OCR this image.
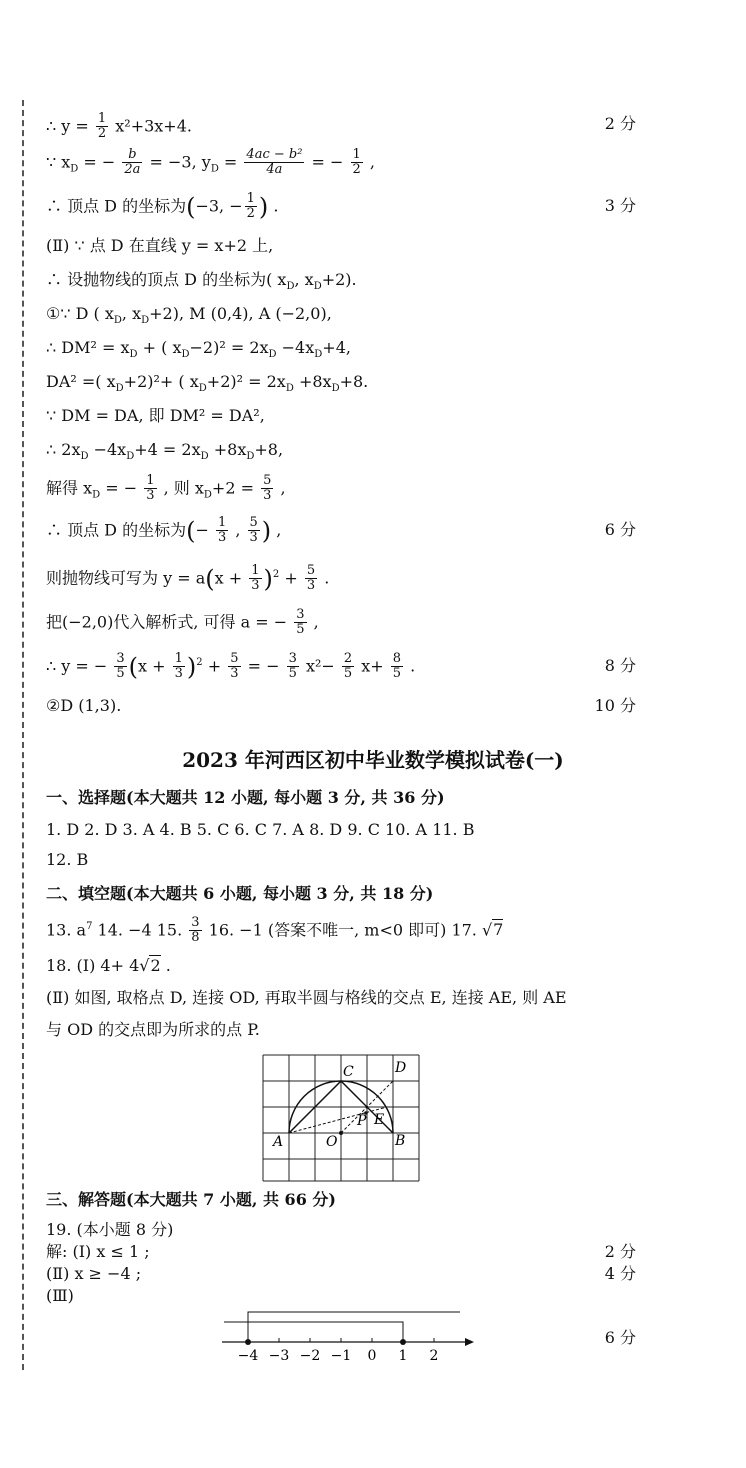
∴ $y = \frac{1}{2} x^2+3x+4$.	2 分
∵ $x_D$ = − $\frac{b}{2a} = -3$, $y_D = \frac{\text{4ac − b²}}{4a}$ = − $\frac{1}{2}$ ,
∴ 顶点 D 的坐标为(−3, − $\frac{1}{2}$ ) .	3 分
(Ⅱ) ∵ 点 D 在直线 y = x+2 上,
∴ 设抛物线的顶点 D 的坐标为( $x_D$, $x_D+2$).
①∵ D ( $x_D$, $x_D+2$), M (0,4), A (−2,0),
∴ $DM^2 = x_D$ + ( $x_D-2)^2 = 2x_D -4x_D+4$,
DA² =( $x_D+2)^2+$ ( $x_D+2)^2 = 2x_D +8x_D+8$.
∵ DM = DA, 即 DM² = DA²,
∴ $2x_D -4x_D+4 = 2x_D +8x_D+8$,
解得 $x_D$ = − $\frac{1}{3}$ , 则 $x_D+2 = \frac{5}{3}$ ,
∴ 顶点 D 的坐标为(− $\frac{1}{3}$ , $\frac{5}{3}$ ) ,	6 分
则抛物线可写为 $y = a(x + \frac{1}{3} )^2 + \frac{5}{3}$ .
把(−2,0)代入解析式, 可得 a = − $\frac{3}{5}$ ,
∴ y = − $\frac{3}{5} (x + \frac{1}{3} )^2 + \frac{5}{3}$ = − $\frac{3}{5} x^2- \frac{2}{5} x+ \frac{8}{5}$ .	8 分
②D (1,3).	10 分
2023 年河西区初中毕业数学模拟试卷(一)
一、选择题(本大题共 12 小题, 每小题 3 分, 共 36 分)
1. D 2. D 3. A 4. B 5. C 6. C 7. A 8. D 9. C 10. A 11. B
12. B
二、填空题(本大题共 6 小题, 每小题 3 分, 共 18 分)
13. $a^7$ 14. −4 15. $\frac{3}{8} 16$. −1 (答案不唯一, m<0 即可) 17. √7
18. (Ⅰ) 4+ 4√2 .
(Ⅱ) 如图, 取格点 D, 连接 OD, 再取半圆与格线的交点 E, 连接 AE, 则 AE
与 OD 的交点即为所求的点 P.
A	B
C	D
E
O
P
三、解答题(本大题共 7 小题, 共 66 分)
19. (本小题 8 分)
解: (Ⅰ) x ≤ 1 ;	2 分
(Ⅱ) x ≥ −4 ;	4 分
(Ⅲ)
6 分
−4 −3 −2 −1 0 1 2
